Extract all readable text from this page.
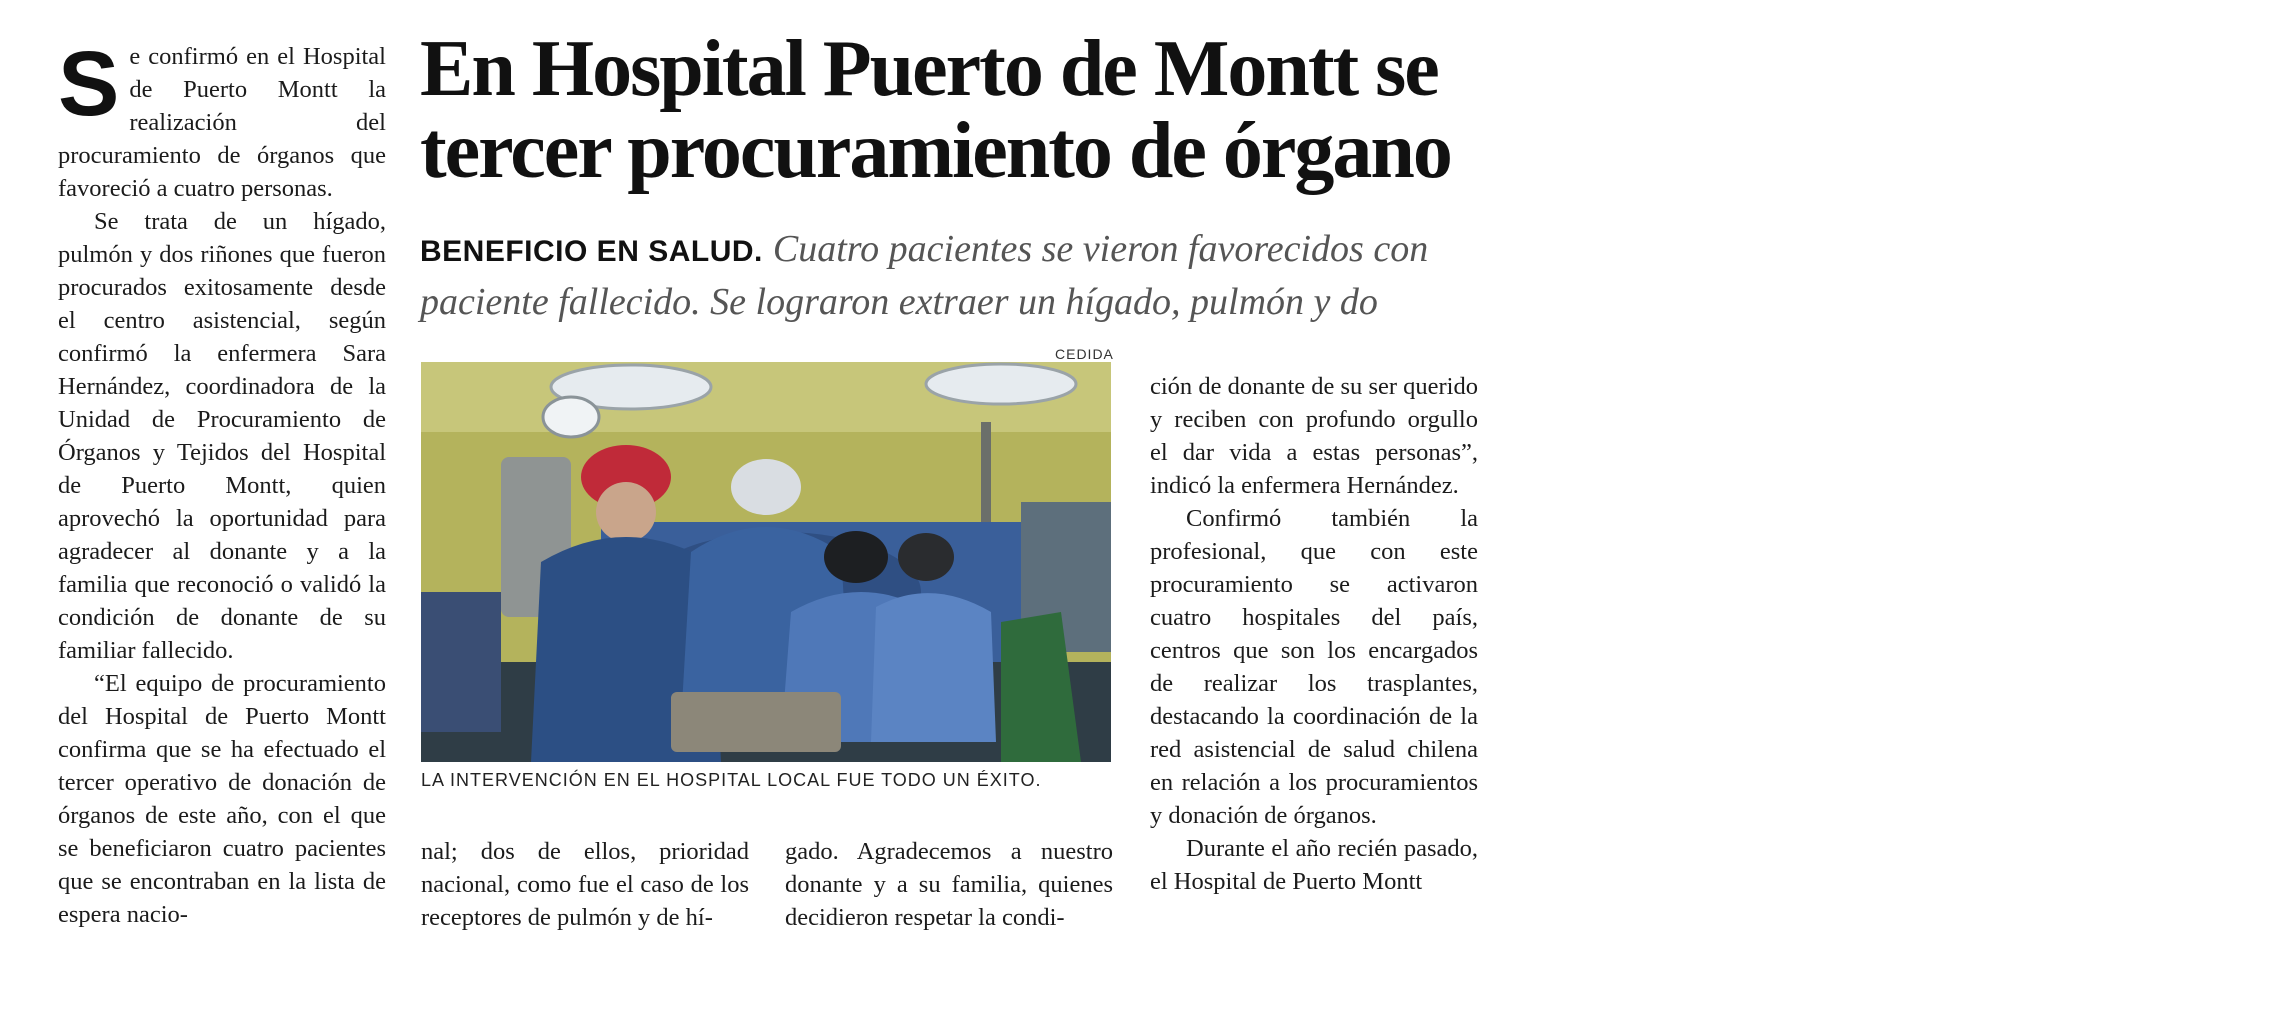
En Hospital Puerto de Montt se
tercer procuramiento de órgano

BENEFICIO EN SALUD. Cuatro pacientes se vieron favorecidos con
paciente fallecido. Se lograron extraer un hígado, pulmón y do

Se confirmó en el Hospital de Puerto Montt la realización del procuramiento de órganos que favoreció a cuatro personas.

Se trata de un hígado, pulmón y dos riñones que fueron procurados exitosamente desde el centro asistencial, según confirmó la enfermera Sara Hernández, coordinadora de la Unidad de Procuramiento de Órganos y Tejidos del Hospital de Puerto Montt, quien aprovechó la oportunidad para agradecer al donante y a la familia que reconoció o validó la condición de donante de su familiar fallecido.

“El equipo de procuramiento del Hospital de Puerto Montt confirma que se ha efectuado el tercer operativo de donación de órganos de este año, con el que se beneficiaron cuatro pacientes que se encontraban en la lista de espera nacio-

CEDIDA

LA INTERVENCIÓN EN EL HOSPITAL LOCAL FUE TODO UN ÉXITO.

nal; dos de ellos, prioridad nacional, como fue el caso de los receptores de pulmón y de hí-

gado. Agradecemos a nuestro donante y a su familia, quienes decidieron respetar la condi-

ción de donante de su ser querido y reciben con profundo orgullo el dar vida a estas personas”, indicó la enfermera Hernández.

Confirmó también la profesional, que con este procuramiento se activaron cuatro hospitales del país, centros que son los encargados de realizar los trasplantes, destacando la coordinación de la red asistencial de salud chilena en relación a los procuramientos y donación de órganos.

Durante el año recién pasado, el Hospital de Puerto Montt
